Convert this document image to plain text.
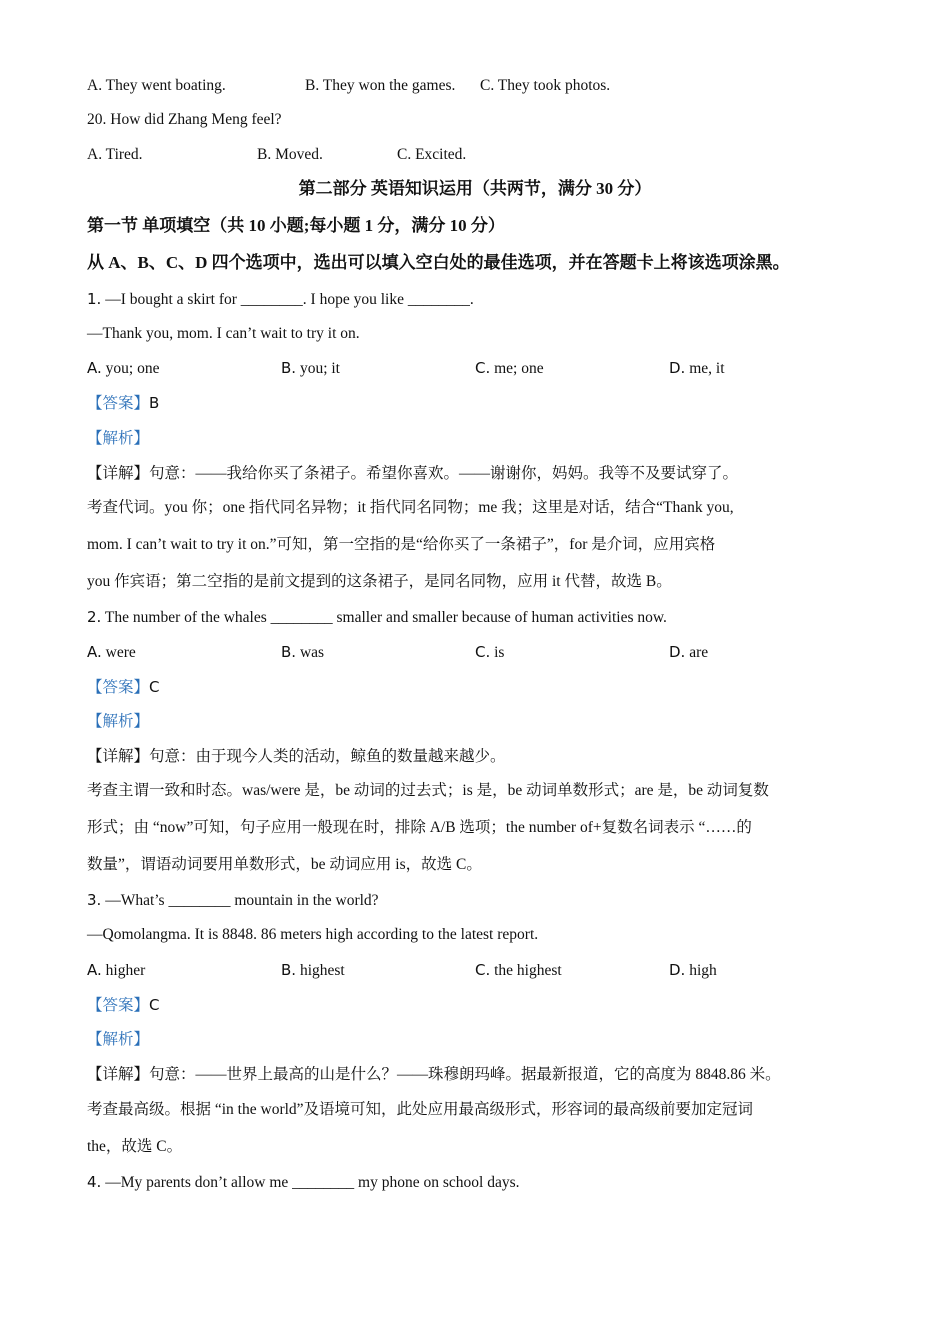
A. They went boating.	B. They won the games. C. They took photos.
20. How did Zhang Meng feel?
A. Tired.	B. Moved.	C. Excited.
第二部分 英语知识运用（共两节，满分 30 分）
第一节 单项填空（共 10 小题;每小题 1 分，满分 10 分）
从 A、B、C、D 四个选项中，选出可以填入空白处的最佳选项，并在答题卡上将该选项涂黑。
1. —I bought a skirt for ________. I hope you like ________.
—Thank you, mom. I can’t wait to try it on.
A. you; one	B. you; it	C. me; one	D. me, it
【答案】B
【解析】
【详解】句意：——我给你买了条裙子。希望你喜欢。——谢谢你，妈妈。我等不及要试穿了。
考查代词。you 你；one 指代同名异物；it 指代同名同物；me 我；这里是对话，结合“Thank you,
mom. I can’t wait to try it on.”可知，第一空指的是“给你买了一条裙子”，for 是介词，应用宾格
you 作宾语；第二空指的是前文提到的这条裙子，是同名同物，应用 it 代替，故选 B。
2. The number of the whales ________ smaller and smaller because of human activities now.
A. were	B. was	C. is	D. are
【答案】C
【解析】
【详解】句意：由于现今人类的活动，鲸鱼的数量越来越少。
考查主谓一致和时态。was/were 是，be 动词的过去式；is 是，be 动词单数形式；are 是，be 动词复数
形式；由 “now”可知，句子应用一般现在时，排除 A/B 选项；the number of+复数名词表示 “……的
数量”，谓语动词要用单数形式，be 动词应用 is，故选 C。
3. —What’s ________ mountain in the world?
—Qomolangma. It is 8848. 86 meters high according to the latest report.
A. higher	B. highest	C. the highest	D. high
【答案】C
【解析】
【详解】句意：——世界上最高的山是什么？——珠穆朗玛峰。据最新报道，它的高度为 8848.86 米。
考查最高级。根据 “in the world”及语境可知，此处应用最高级形式，形容词的最高级前要加定冠词
the，故选 C。
4. —My parents don’t allow me ________ my phone on school days.
